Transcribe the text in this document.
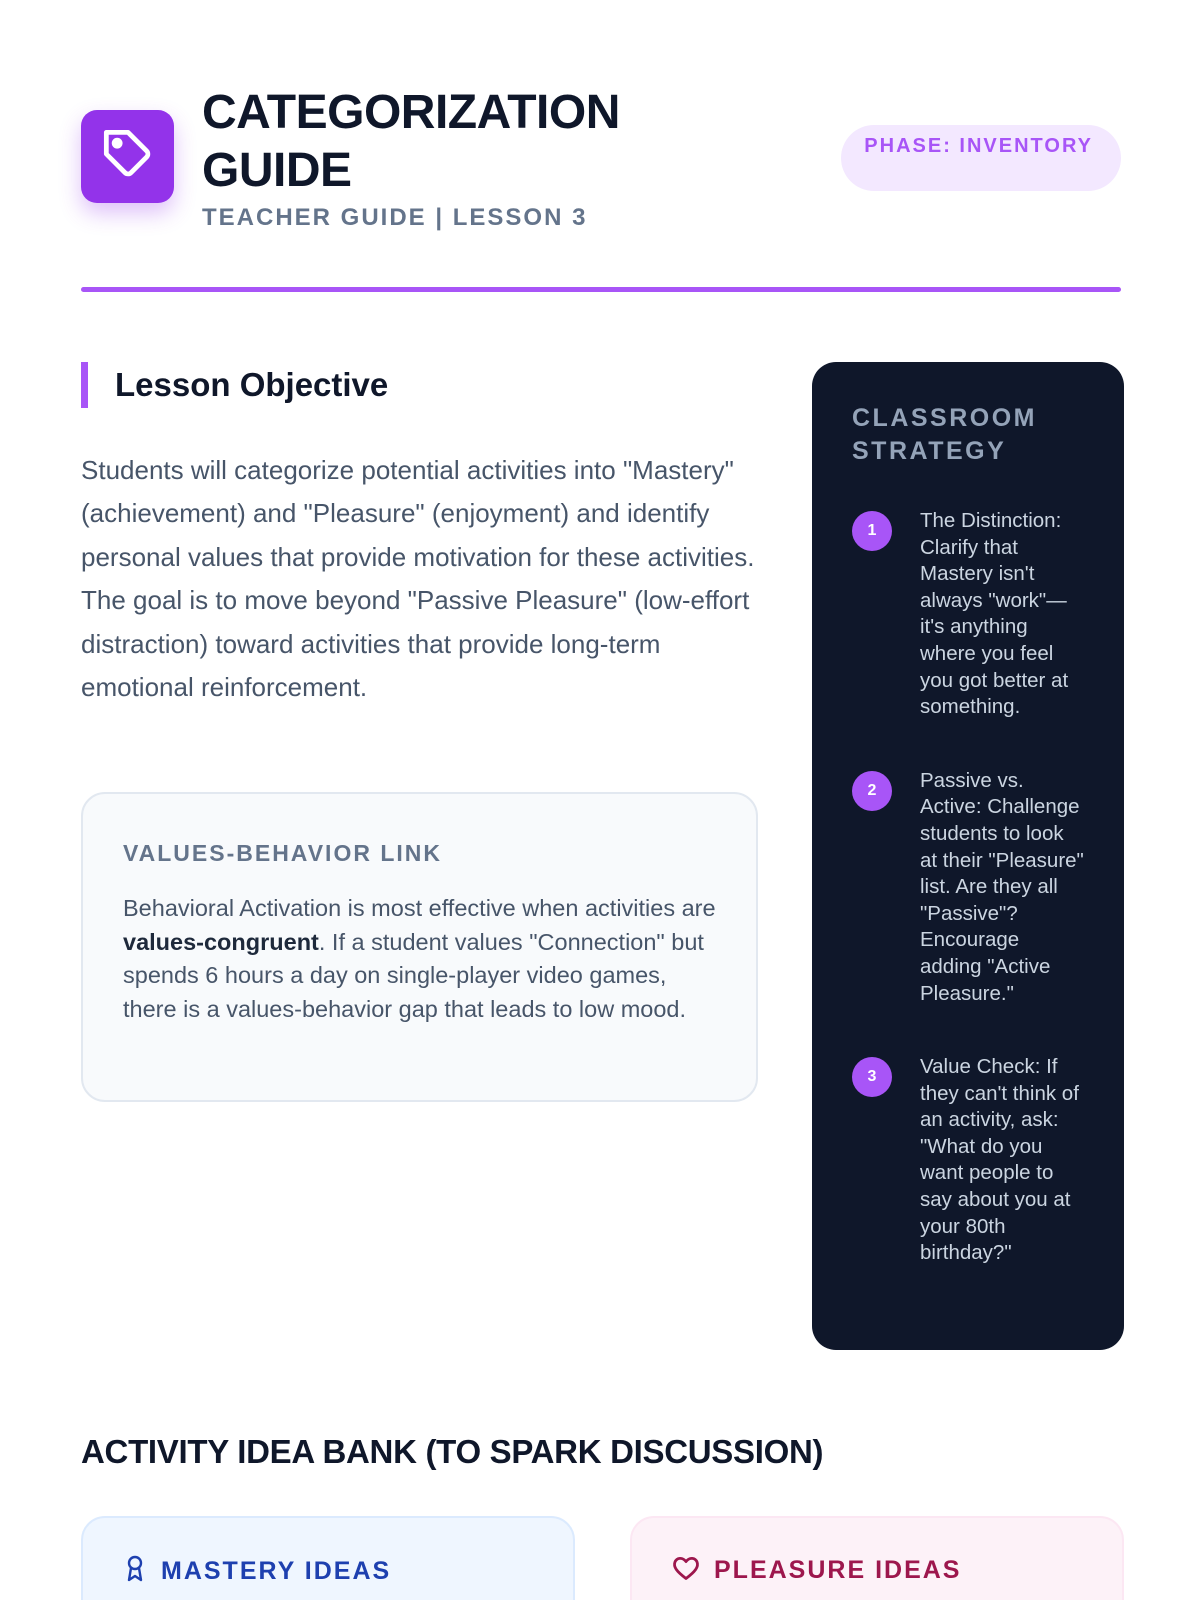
CATEGORIZATION GUIDE
TEACHER GUIDE | LESSON 3
PHASE: INVENTORY
Lesson Objective

Students will categorize potential activities into "Mastery" (achievement) and "Pleasure" (enjoyment) and identify personal values that provide motivation for these activities. The goal is to move beyond "Passive Pleasure" (low-effort distraction) toward activities that provide long-term emotional reinforcement.

VALUES-BEHAVIOR LINK

Behavioral Activation is most effective when activities are values-congruent. If a student values "Connection" but spends 6 hours a day on single-player video games, there is a values-behavior gap that leads to low mood.

CLASSROOM STRATEGY
1	The Distinction: Clarify that Mastery isn't always "work"—it's anything where you feel you got better at something.
2	Passive vs. Active: Challenge students to look at their "Pleasure" list. Are they all "Passive"? Encourage adding "Active Pleasure."
3	Value Check: If they can't think of an activity, ask: "What do you want people to say about you at your 80th birthday?"
ACTIVITY IDEA BANK (TO SPARK DISCUSSION)
MASTERY IDEAS	PLEASURE IDEAS
